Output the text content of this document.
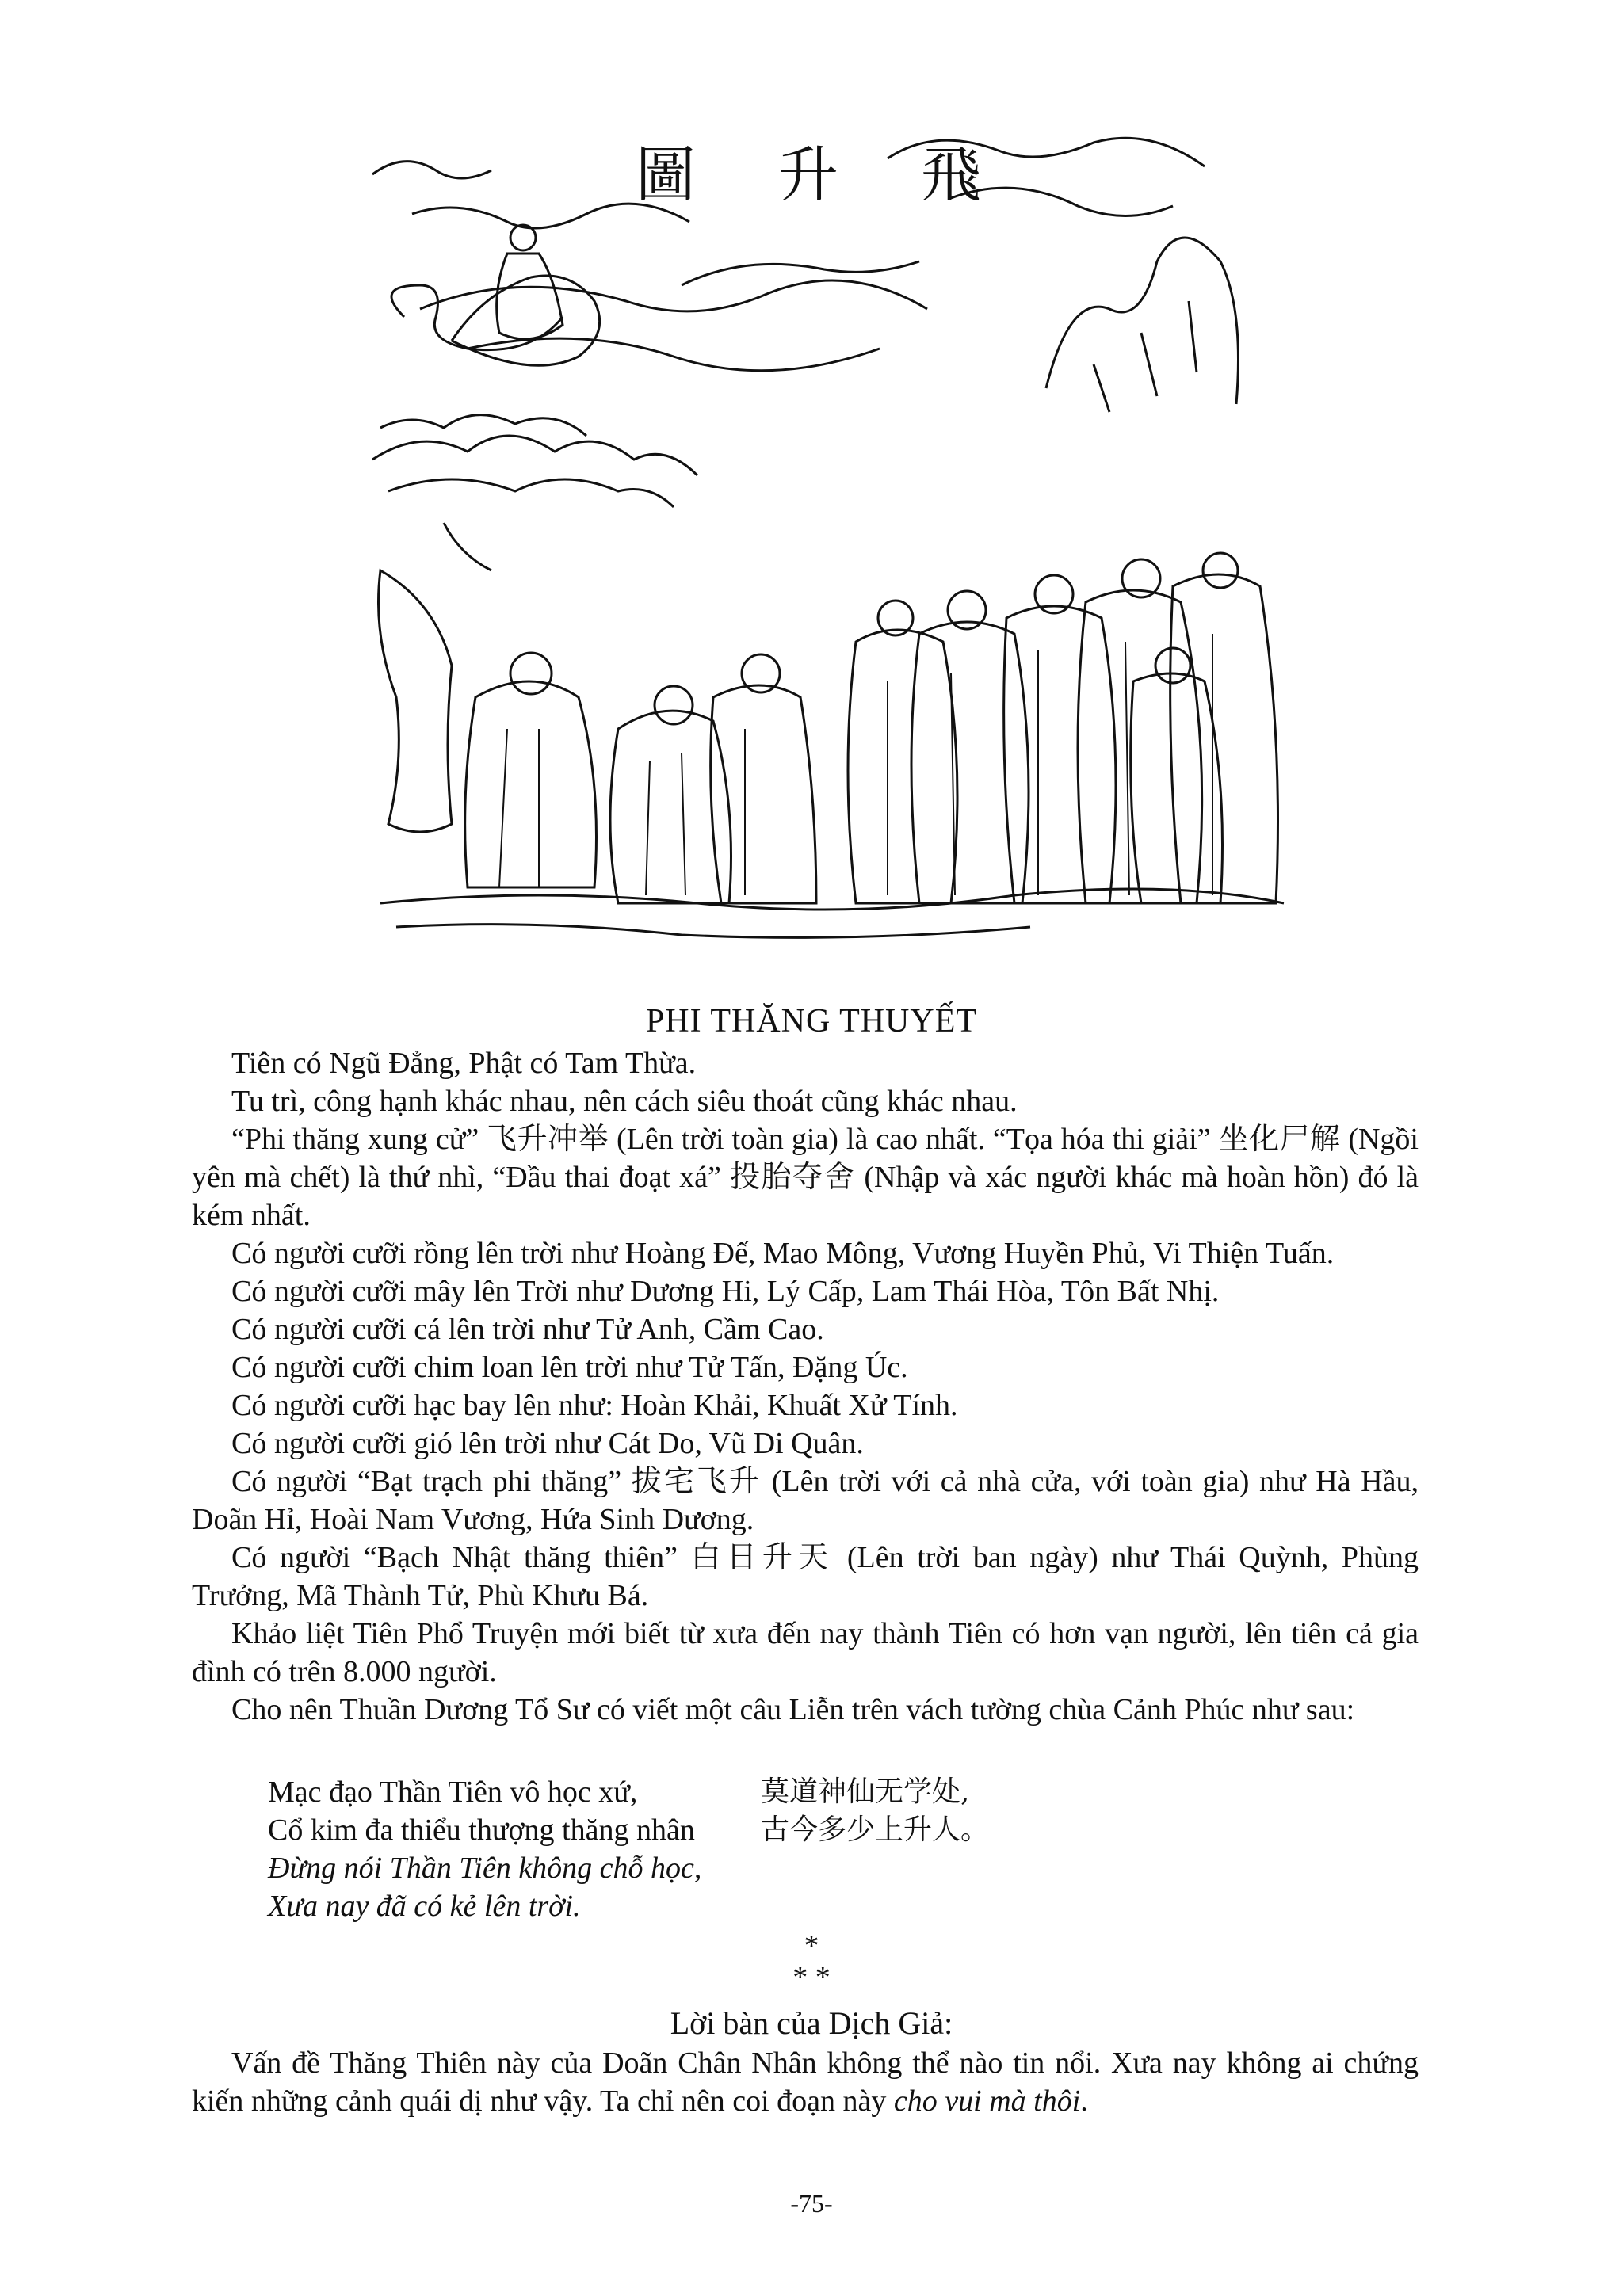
圖 升 飛
PHI THĂNG THUYẾT

Tiên có Ngũ Đẳng, Phật có Tam Thừa.

Tu trì, công hạnh khác nhau, nên cách siêu thoát cũng khác nhau.

“Phi thăng xung cử” 飞升冲举 (Lên trời toàn gia) là cao nhất. “Tọa hóa thi giải” 坐化尸解 (Ngồi yên mà chết) là thứ nhì, “Đầu thai đoạt xá” 投胎夺舍 (Nhập và xác người khác mà hoàn hồn) đó là kém nhất.

Có người cưỡi rồng lên trời như Hoàng Đế, Mao Mông, Vương Huyền Phủ, Vi Thiện Tuấn.

Có người cưỡi mây lên Trời như Dương Hi, Lý Cấp, Lam Thái Hòa, Tôn Bất Nhị.

Có người cưỡi cá lên trời như Tử Anh, Cầm Cao.

Có người cưỡi chim loan lên trời như Tử Tấn, Đặng Úc.

Có người cưỡi hạc bay lên như: Hoàn Khải, Khuất Xử Tính.

Có người cưỡi gió lên trời như Cát Do, Vũ Di Quân.

Có người “Bạt trạch phi thăng” 拔宅飞升 (Lên trời với cả nhà cửa, với toàn gia) như Hà Hầu, Doãn Hỉ, Hoài Nam Vương, Hứa Sinh Dương.

Có người “Bạch Nhật thăng thiên” 白日升天 (Lên trời ban ngày) như Thái Quỳnh, Phùng Trưởng, Mã Thành Tử, Phù Khưu Bá.

Khảo liệt Tiên Phổ Truyện mới biết từ xưa đến nay thành Tiên có hơn vạn người, lên tiên cả gia đình có trên 8.000 người.

Cho nên Thuần Dương Tổ Sư có viết một câu Liễn trên vách tường chùa Cảnh Phúc như sau:

Mạc đạo Thần Tiên vô học xứ,	莫道神仙无学处,
Cổ kim đa thiểu thượng thăng nhân	古今多少上升人。
Đừng nói Thần Tiên không chỗ học,
Xưa nay đã có kẻ lên trời.
*
* *
Lời bàn của Dịch Giả:
Vấn đề Thăng Thiên này của Doãn Chân Nhân không thể nào tin nổi. Xưa nay không ai chứng kiến những cảnh quái dị như vậy. Ta chỉ nên coi đoạn này cho vui mà thôi.
-75-
